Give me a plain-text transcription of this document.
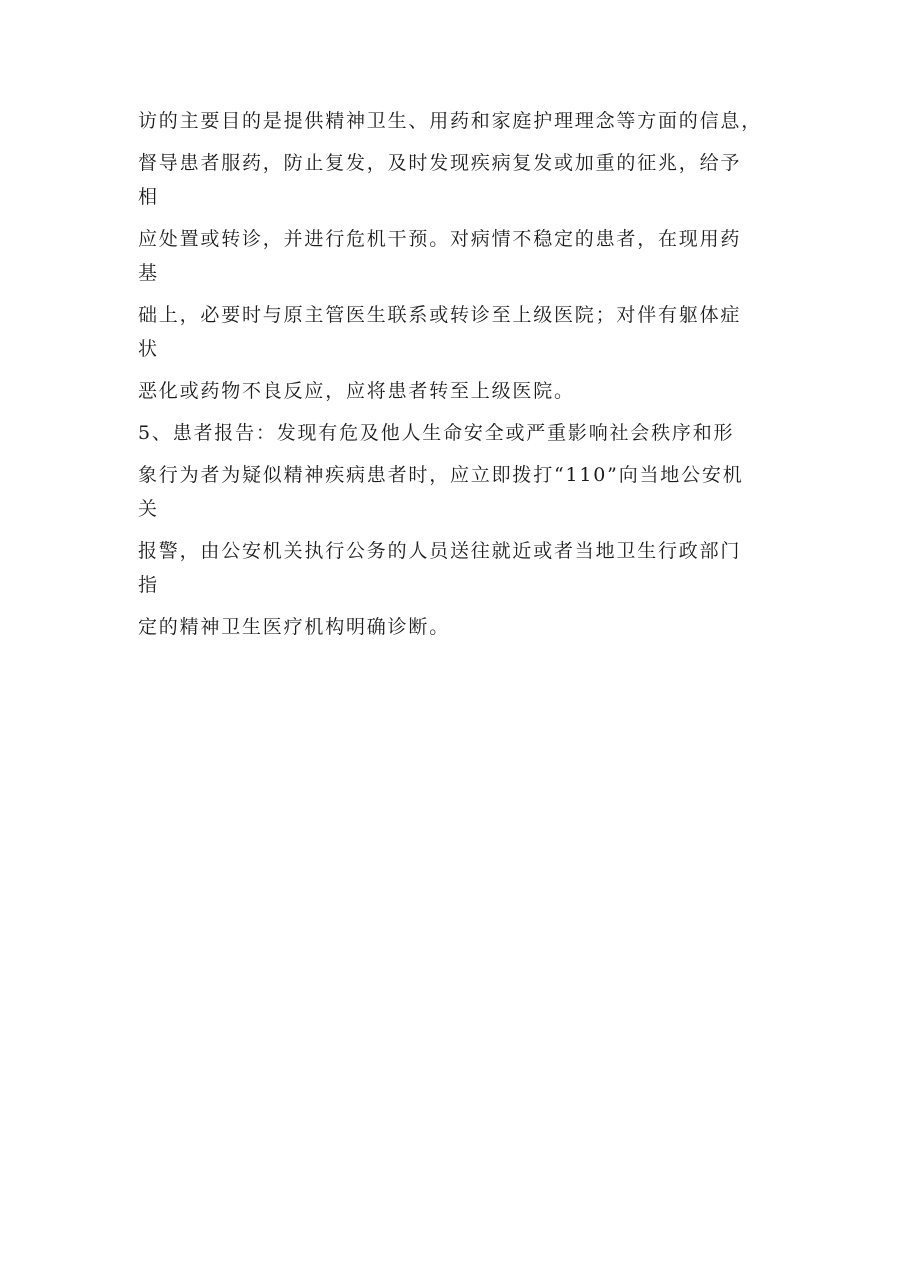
访的主要目的是提供精神卫生、用药和家庭护理理念等方面的信息，

督导患者服药，防止复发，及时发现疾病复发或加重的征兆，给予
相

应处置或转诊，并进行危机干预。对病情不稳定的患者，在现用药
基

础上，必要时与原主管医生联系或转诊至上级医院；对伴有躯体症
状

恶化或药物不良反应，应将患者转至上级医院。

5、患者报告：发现有危及他人生命安全或严重影响社会秩序和形

象行为者为疑似精神疾病患者时，应立即拨打“110”向当地公安机
关

报警，由公安机关执行公务的人员送往就近或者当地卫生行政部门
指

定的精神卫生医疗机构明确诊断。
